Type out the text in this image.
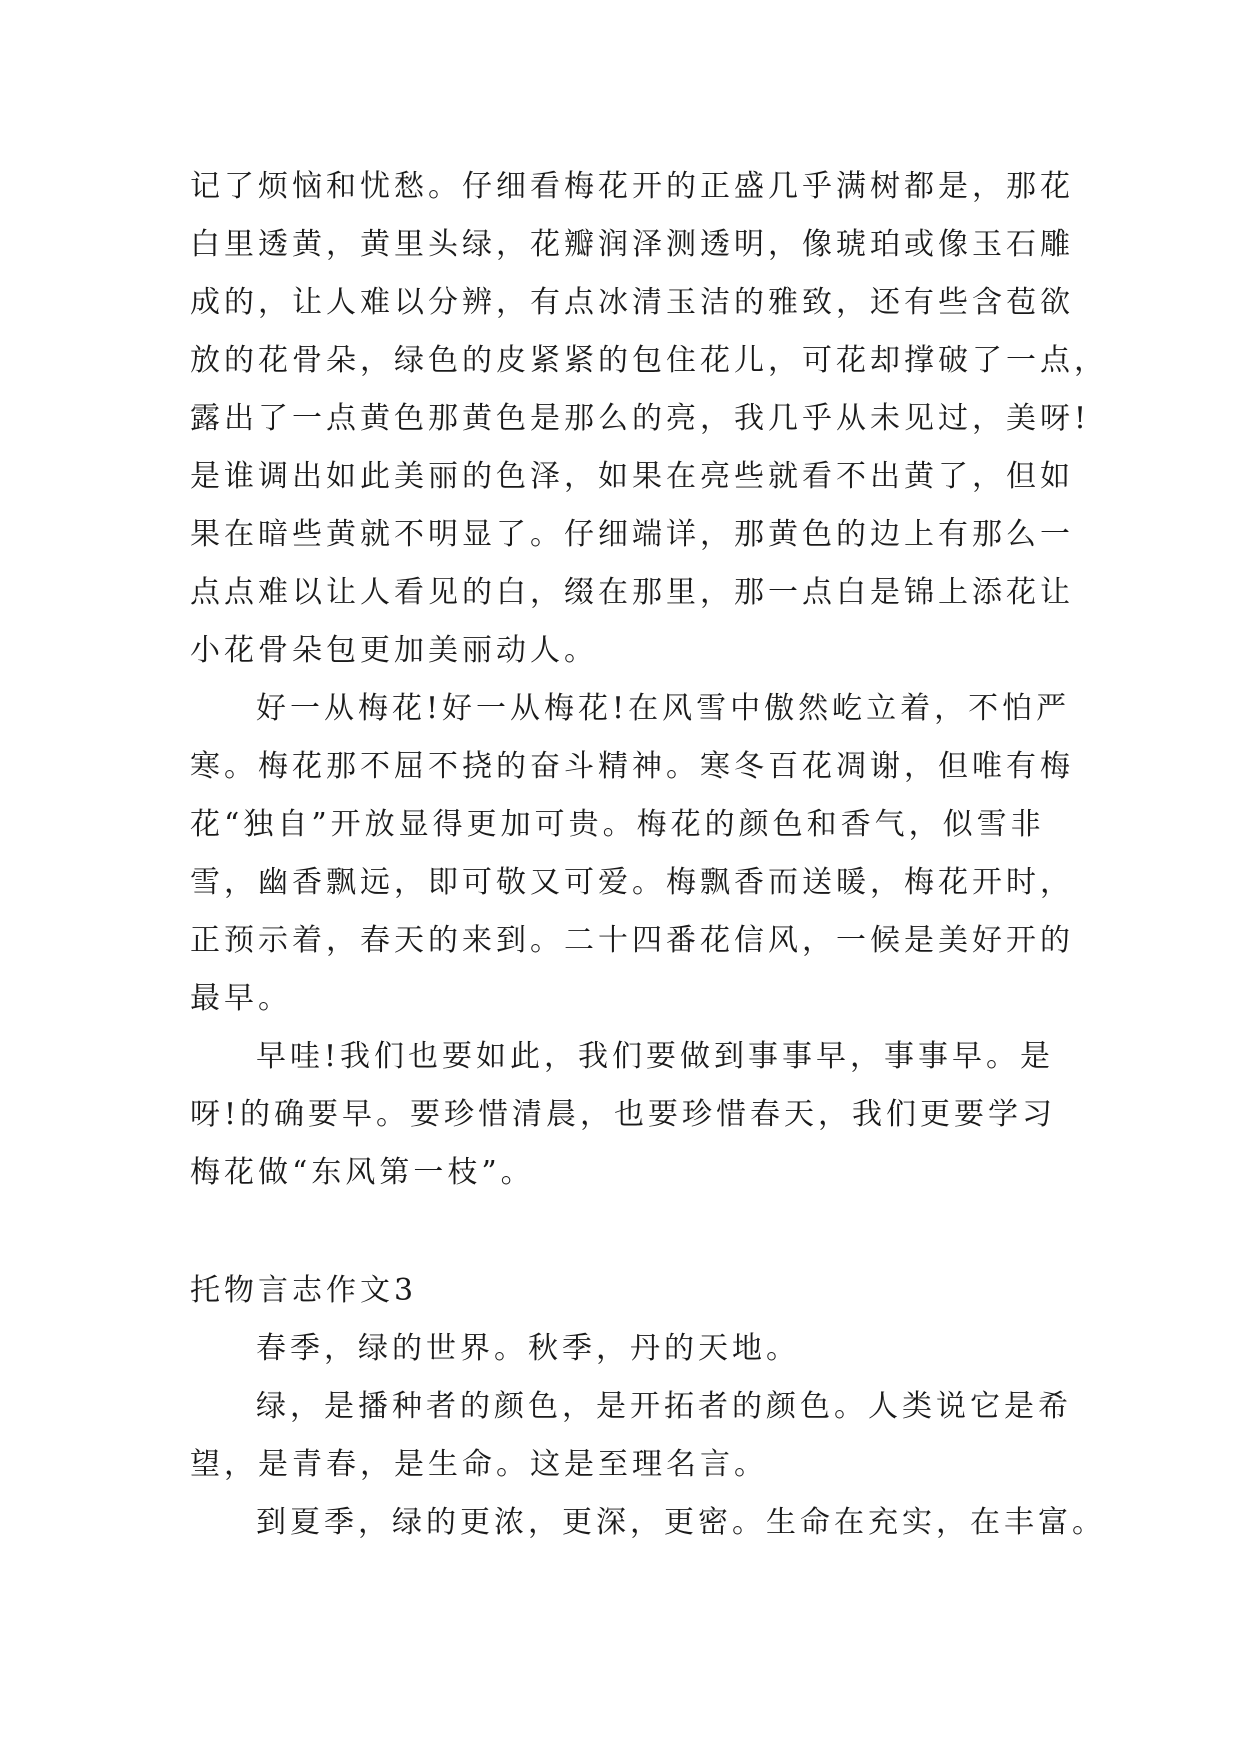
记了烦恼和忧愁。仔细看梅花开的正盛几乎满树都是，那花
白里透黄，黄里头绿，花瓣润泽测透明，像琥珀或像玉石雕
成的，让人难以分辨，有点冰清玉洁的雅致，还有些含苞欲
放的花骨朵，绿色的皮紧紧的包住花儿，可花却撑破了一点，
露出了一点黄色那黄色是那么的亮，我几乎从未见过，美呀!
是谁调出如此美丽的色泽，如果在亮些就看不出黄了，但如
果在暗些黄就不明显了。仔细端详，那黄色的边上有那么一
点点难以让人看见的白，缀在那里，那一点白是锦上添花让
小花骨朵包更加美丽动人。
好一从梅花!好一从梅花!在风雪中傲然屹立着，不怕严
寒。梅花那不屈不挠的奋斗精神。寒冬百花凋谢，但唯有梅
花“独自”开放显得更加可贵。梅花的颜色和香气，似雪非
雪，幽香飘远，即可敬又可爱。梅飘香而送暖，梅花开时，
正预示着，春天的来到。二十四番花信风，一候是美好开的
最早。
早哇!我们也要如此，我们要做到事事早，事事早。是
呀!的确要早。要珍惜清晨，也要珍惜春天，我们更要学习
梅花做“东风第一枝”。
托物言志作文3
春季，绿的世界。秋季，丹的天地。
绿，是播种者的颜色，是开拓者的颜色。人类说它是希
望，是青春，是生命。这是至理名言。
到夏季，绿的更浓，更深，更密。生命在充实，在丰富。
